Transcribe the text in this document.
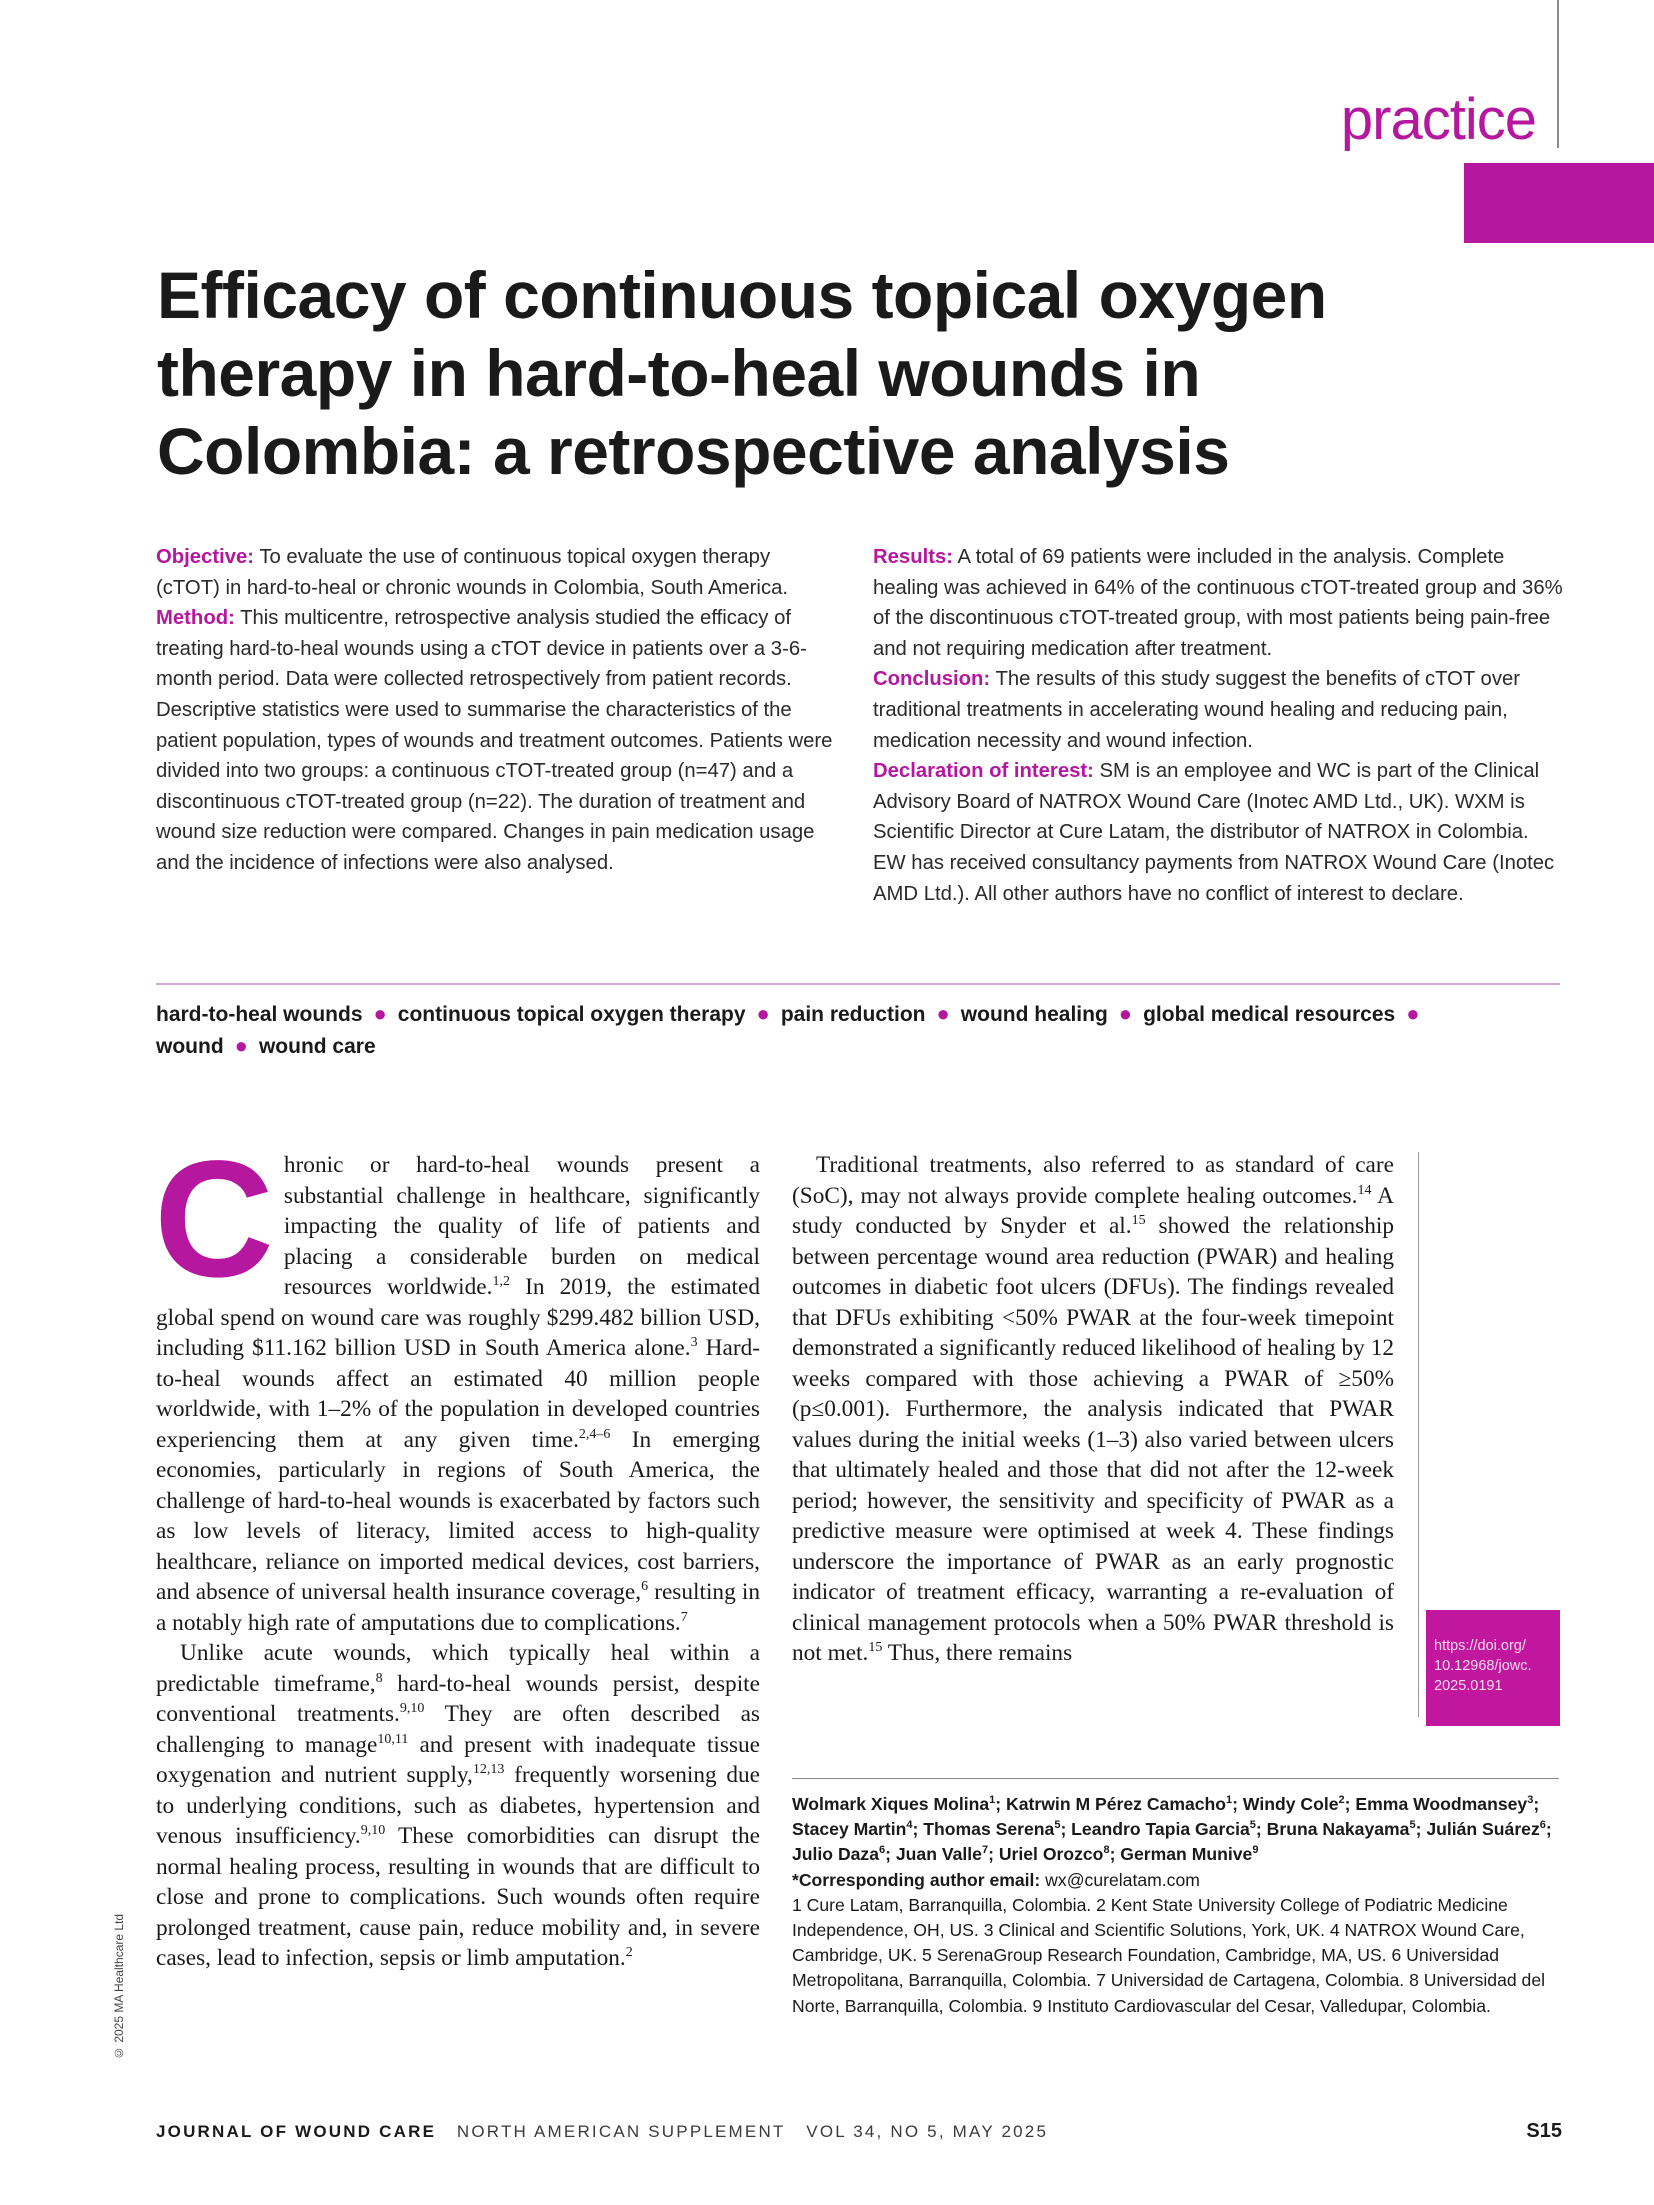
practice
Efficacy of continuous topical oxygen therapy in hard-to-heal wounds in Colombia: a retrospective analysis

Objective: To evaluate the use of continuous topical oxygen therapy (cTOT) in hard-to-heal or chronic wounds in Colombia, South America.

Method: This multicentre, retrospective analysis studied the efficacy of treating hard-to-heal wounds using a cTOT device in patients over a 3-6-month period. Data were collected retrospectively from patient records. Descriptive statistics were used to summarise the characteristics of the patient population, types of wounds and treatment outcomes. Patients were divided into two groups: a continuous cTOT-treated group (n=47) and a discontinuous cTOT-treated group (n=22). The duration of treatment and wound size reduction were compared. Changes in pain medication usage and the incidence of infections were also analysed.

Results: A total of 69 patients were included in the analysis. Complete healing was achieved in 64% of the continuous cTOT-treated group and 36% of the discontinuous cTOT-treated group, with most patients being pain-free and not requiring medication after treatment.

Conclusion: The results of this study suggest the benefits of cTOT over traditional treatments in accelerating wound healing and reducing pain, medication necessity and wound infection.

Declaration of interest: SM is an employee and WC is part of the Clinical Advisory Board of NATROX Wound Care (Inotec AMD Ltd., UK). WXM is Scientific Director at Cure Latam, the distributor of NATROX in Colombia. EW has received consultancy payments from NATROX Wound Care (Inotec AMD Ltd.). All other authors have no conflict of interest to declare.

hard-to-heal wounds ● continuous topical oxygen therapy ● pain reduction ● wound healing ● global medical resources ●
wound ● wound care

Chronic or hard-to-heal wounds present a substantial challenge in healthcare, significantly impacting the quality of life of patients and placing a considerable burden on medical resources worldwide.$^{1,2}$ In 2019, the estimated global spend on wound care was roughly $299.482 billion USD, including $11.162 billion USD in South America alone.$^3$ Hard-to-heal wounds affect an estimated 40 million people worldwide, with 1–2% of the population in developed countries experiencing them at any given time.$^{2,4-6}$ In emerging economies, particularly in regions of South America, the challenge of hard-to-heal wounds is exacerbated by factors such as low levels of literacy, limited access to high-quality healthcare, reliance on imported medical devices, cost barriers, and absence of universal health insurance coverage,$^6$ resulting in a notably high rate of amputations due to complications.$^7$

Unlike acute wounds, which typically heal within a predictable timeframe,$^8$ hard-to-heal wounds persist, despite conventional treatments.$^{9,10}$ They are often described as challenging to manage$^{10,11}$ and present with inadequate tissue oxygenation and nutrient supply,$^{12,13}$ frequently worsening due to underlying conditions, such as diabetes, hypertension and venous insufficiency.$^{9,10}$ These comorbidities can disrupt the normal healing process, resulting in wounds that are difficult to close and prone to complications. Such wounds often require prolonged treatment, cause pain, reduce mobility and, in severe cases, lead to infection, sepsis or limb amputation.$^2$

Traditional treatments, also referred to as standard of care (SoC), may not always provide complete healing outcomes.$^{14}$ A study conducted by Snyder et al.$^{15}$ showed the relationship between percentage wound area reduction (PWAR) and healing outcomes in diabetic foot ulcers (DFUs). The findings revealed that DFUs exhibiting <50% PWAR at the four-week timepoint demonstrated a significantly reduced likelihood of healing by 12 weeks compared with those achieving a PWAR of ≥50% (p≤0.001). Furthermore, the analysis indicated that PWAR values during the initial weeks (1–3) also varied between ulcers that ultimately healed and those that did not after the 12-week period; however, the sensitivity and specificity of PWAR as a predictive measure were optimised at week 4. These findings underscore the importance of PWAR as an early prognostic indicator of treatment efficacy, warranting a re-evaluation of clinical management protocols when a 50% PWAR threshold is not met.$^{15}$ Thus, there remains	https://doi.org/
10.12968/jowc.
2025.0191

Wolmark Xiques Molina$^1$; Katrwin M Pérez Camacho$^1$; Windy Cole$^2$; Emma Woodmansey$^3$; Stacey Martin$^4$; Thomas Serena$^5$; Leandro Tapia Garcia$^5$; Bruna Nakayama$^5$; Julián Suárez$^6$; Julio Daza$^6$; Juan Valle$^7$; Uriel Orozco$^8$; German Munive$^9$

*Corresponding author email: wx@curelatam.com

1 Cure Latam, Barranquilla, Colombia. 2 Kent State University College of Podiatric Medicine Independence, OH, US. 3 Clinical and Scientific Solutions, York, UK. 4 NATROX Wound Care, Cambridge, UK. 5 SerenaGroup Research Foundation, Cambridge, MA, US. 6 Universidad Metropolitana, Barranquilla, Colombia. 7 Universidad de Cartagena, Colombia. 8 Universidad del Norte, Barranquilla, Colombia. 9 Instituto Cardiovascular del Cesar, Valledupar, Colombia.

© 2025 MA Healthcare Ltd
JOURNAL OF WOUND CARE NORTH AMERICAN SUPPLEMENT VOL 34, NO 5, MAY 2025	S15
